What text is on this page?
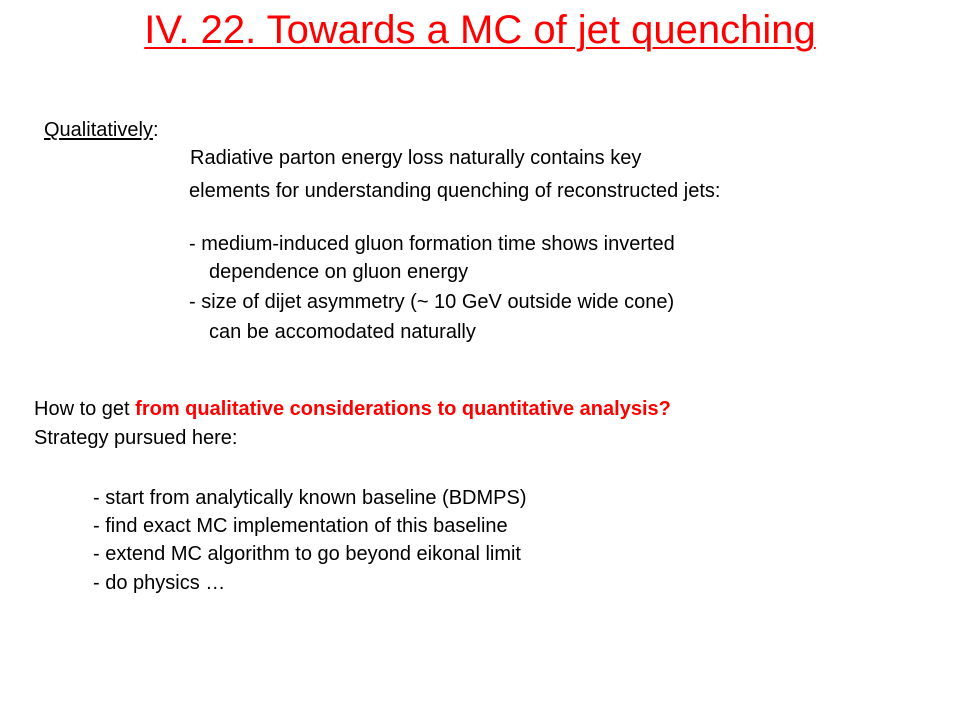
IV. 22. Towards a MC of jet quenching
Qualitatively:
Radiative parton energy loss naturally contains key
elements for understanding quenching of reconstructed jets:
- medium-induced gluon formation time shows inverted
dependence on gluon energy
- size of dijet asymmetry (~ 10 GeV outside wide cone)
can be accomodated naturally
How to get from qualitative considerations to quantitative analysis?
Strategy pursued here:
- start from analytically known baseline (BDMPS)
- find exact MC implementation of this baseline
- extend MC algorithm to go beyond eikonal limit
- do physics …
